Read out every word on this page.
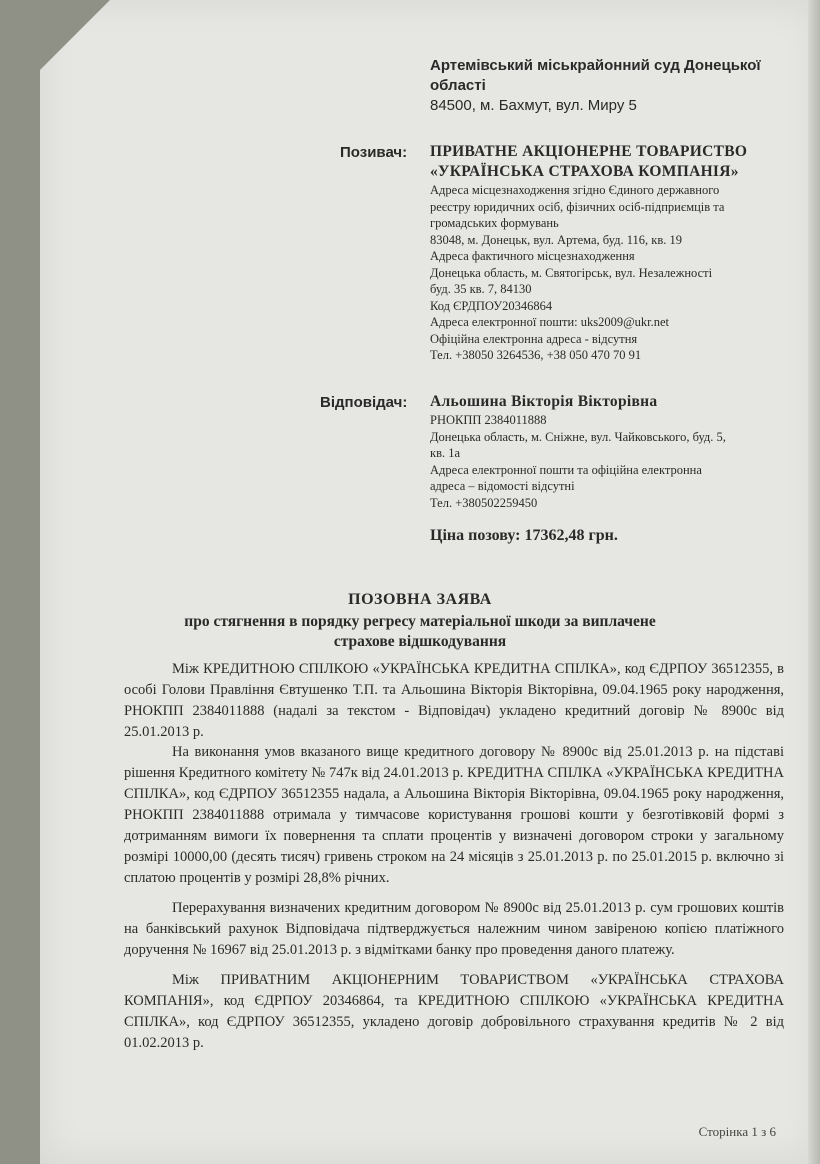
Артемівський міськрайонний суд Донецької області
84500, м. Бахмут, вул. Миру 5
Позивач: ПРИВАТНЕ АКЦІОНЕРНЕ ТОВАРИСТВО
«УКРАЇНСЬКА СТРАХОВА КОМПАНІЯ»
Адреса місцезнаходження згідно Єдиного державного
реєстру юридичних осіб, фізичних осіб-підприємців та
громадських формувань
83048, м. Донецьк, вул. Артема, буд. 116, кв. 19
Адреса фактичного місцезнаходження
Донецька область, м. Святогірськ, вул. Незалежності
буд. 35 кв. 7, 84130
Код ЄРДПОУ20346864
Адреса електронної пошти: uks2009@ukr.net
Офіційна електронна адреса - відсутня
Тел. +38050 3264536, +38 050 470 70 91
Відповідач: Альошина Вікторія Вікторівна
РНОКПП 2384011888
Донецька область, м. Сніжне, вул. Чайковського, буд. 5,
кв. 1а
Адреса електронної пошти та офіційна електронна
адреса – відомості відсутні
Тел. +380502259450
Ціна позову: 17362,48 грн.
ПОЗОВНА ЗАЯВА
про стягнення в порядку регресу матеріальної шкоди за виплачене страхове відшкодування

Між КРЕДИТНОЮ СПІЛКОЮ «УКРАЇНСЬКА КРЕДИТНА СПІЛКА», код ЄДРПОУ 36512355, в особі Голови Правління Євтушенко Т.П. та Альошина Вікторія Вікторівна, 09.04.1965 року народження, РНОКПП 2384011888 (надалі за текстом - Відповідач) укладено кредитний договір № 8900с від 25.01.2013 р.

На виконання умов вказаного вище кредитного договору № 8900с від 25.01.2013 р. на підставі рішення Кредитного комітету № 747к від 24.01.2013 р. КРЕДИТНА СПІЛКА «УКРАЇНСЬКА КРЕДИТНА СПІЛКА», код ЄДРПОУ 36512355 надала, а Альошина Вікторія Вікторівна, 09.04.1965 року народження, РНОКПП 2384011888 отримала у тимчасове користування грошові кошти у безготівковій формі з дотриманням вимоги їх повернення та сплати процентів у визначені договором строки у загальному розмірі 10000,00 (десять тисяч) гривень строком на 24 місяців з 25.01.2013 р. по 25.01.2015 р. включно зі сплатою процентів у розмірі 28,8% річних.

Перерахування визначених кредитним договором № 8900с від 25.01.2013 р. сум грошових коштів на банківський рахунок Відповідача підтверджується належним чином завіреною копією платіжного доручення № 16967 від 25.01.2013 р. з відмітками банку про проведення даного платежу.

Між ПРИВАТНИМ АКЦІОНЕРНИМ ТОВАРИСТВОМ «УКРАЇНСЬКА СТРАХОВА КОМПАНІЯ», код ЄДРПОУ 20346864, та КРЕДИТНОЮ СПІЛКОЮ «УКРАЇНСЬКА КРЕДИТНА СПІЛКА», код ЄДРПОУ 36512355, укладено договір добровільного страхування кредитів № 2 від 01.02.2013 р.

Сторінка 1 з 6
